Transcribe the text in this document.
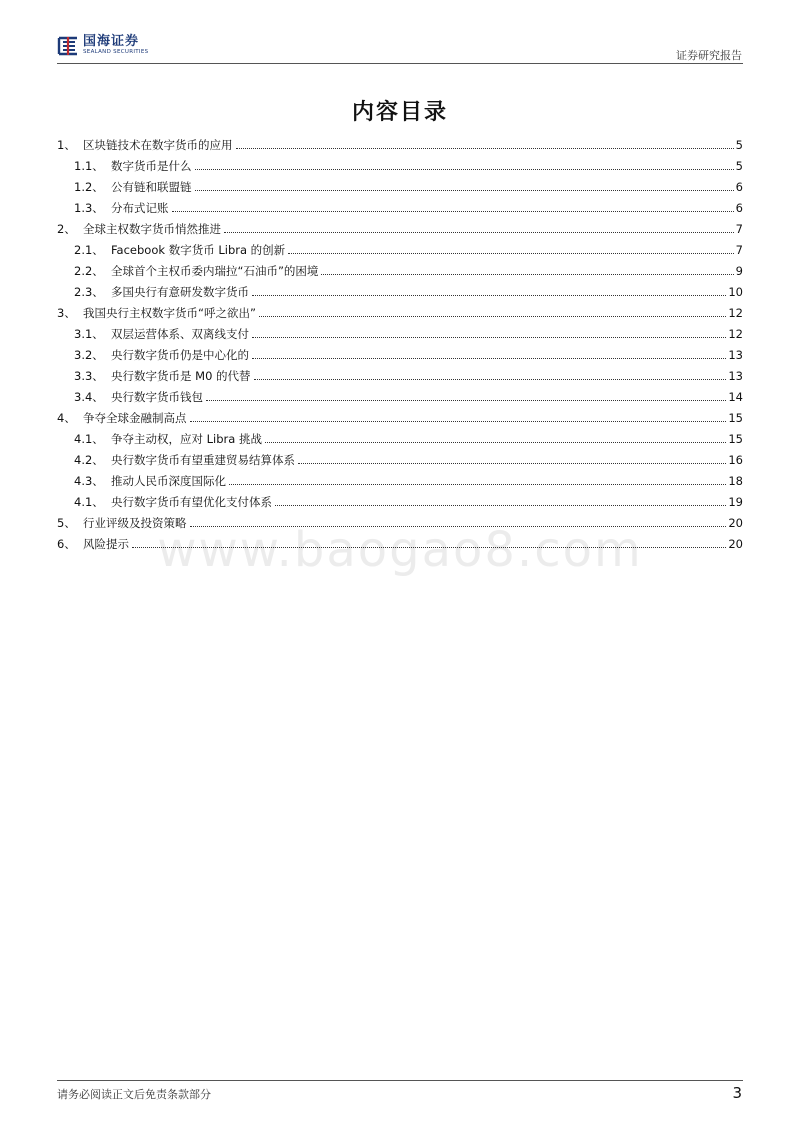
国海证券
SEALAND SECURITIES	证券研究报告
内容目录
www.baogao8.com
1、 区块链技术在数字货币的应用	5
1.1、 数字货币是什么	5
1.2、 公有链和联盟链	6
1.3、 分布式记账	6
2、 全球主权数字货币悄然推进	7
2.1、 Facebook 数字货币 Libra 的创新	7
2.2、 全球首个主权币委内瑞拉“石油币”的困境	9
2.3、 多国央行有意研发数字货币	10
3、 我国央行主权数字货币“呼之欲出”	12
3.1、 双层运营体系、双离线支付	12
3.2、 央行数字货币仍是中心化的	13
3.3、 央行数字货币是 M0 的代替	13
3.4、 央行数字货币钱包	14
4、 争夺全球金融制高点	15
4.1、 争夺主动权，应对 Libra 挑战	15
4.2、 央行数字货币有望重建贸易结算体系	16
4.3、 推动人民币深度国际化	18
4.1、 央行数字货币有望优化支付体系	19
5、 行业评级及投资策略	20
6、 风险提示	20
请务必阅读正文后免责条款部分	3
